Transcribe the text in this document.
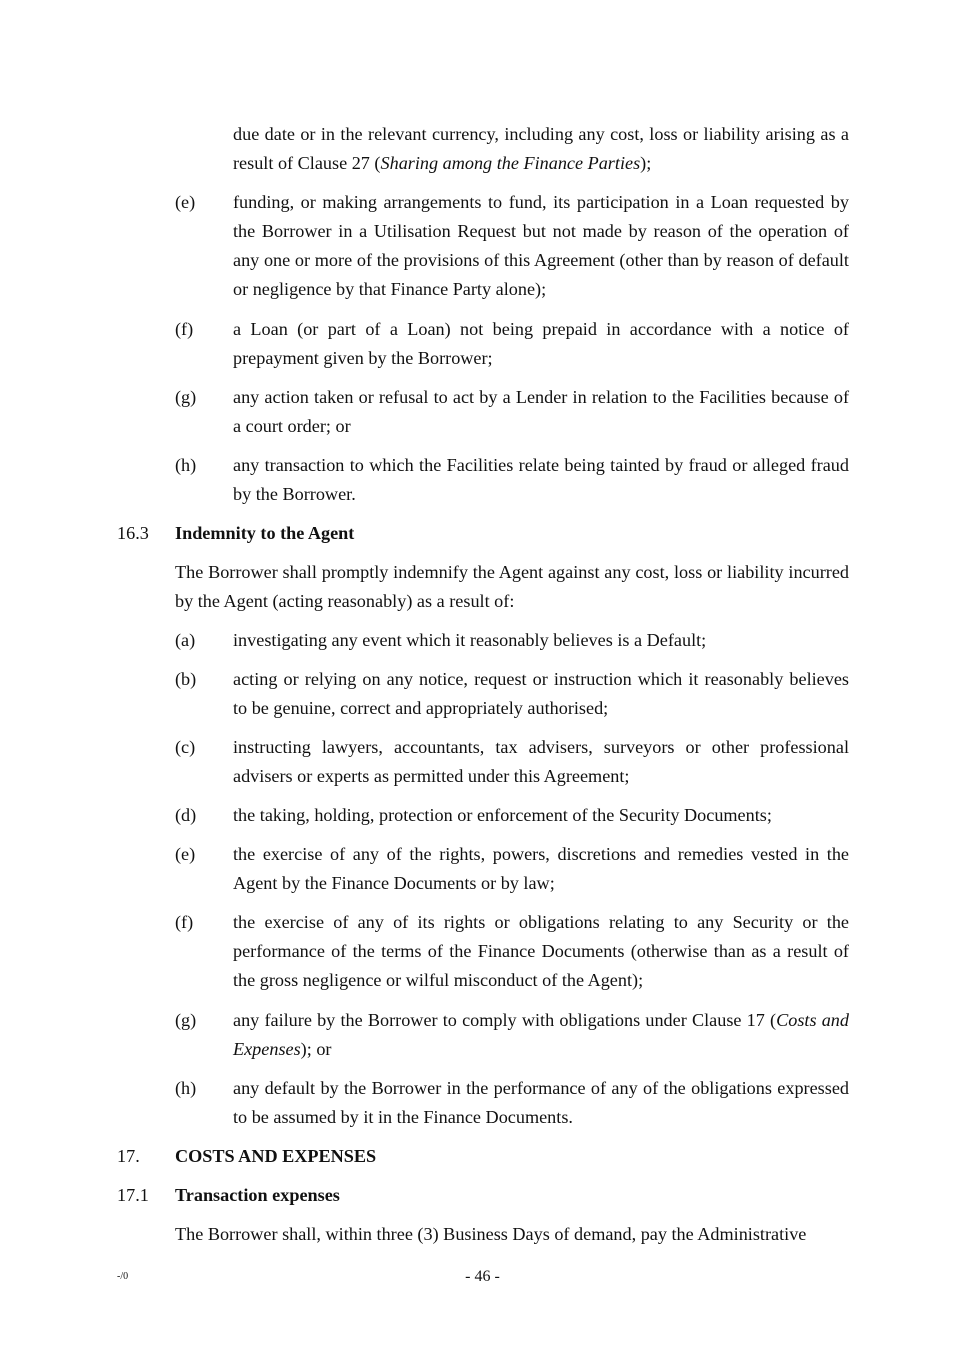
due date or in the relevant currency, including any cost, loss or liability arising as a result of Clause 27 (Sharing among the Finance Parties);

(e) funding, or making arrangements to fund, its participation in a Loan requested by the Borrower in a Utilisation Request but not made by reason of the operation of any one or more of the provisions of this Agreement (other than by reason of default or negligence by that Finance Party alone);

(f) a Loan (or part of a Loan) not being prepaid in accordance with a notice of prepayment given by the Borrower;

(g) any action taken or refusal to act by a Lender in relation to the Facilities because of a court order; or

(h) any transaction to which the Facilities relate being tainted by fraud or alleged fraud by the Borrower.

16.3 Indemnity to the Agent

The Borrower shall promptly indemnify the Agent against any cost, loss or liability incurred by the Agent (acting reasonably) as a result of:

(a) investigating any event which it reasonably believes is a Default;

(b) acting or relying on any notice, request or instruction which it reasonably believes to be genuine, correct and appropriately authorised;

(c) instructing lawyers, accountants, tax advisers, surveyors or other professional advisers or experts as permitted under this Agreement;

(d) the taking, holding, protection or enforcement of the Security Documents;

(e) the exercise of any of the rights, powers, discretions and remedies vested in the Agent by the Finance Documents or by law;

(f) the exercise of any of its rights or obligations relating to any Security or the performance of the terms of the Finance Documents (otherwise than as a result of the gross negligence or wilful misconduct of the Agent);

(g) any failure by the Borrower to comply with obligations under Clause 17 (Costs and Expenses); or

(h) any default by the Borrower in the performance of any of the obligations expressed to be assumed by it in the Finance Documents.

17. COSTS AND EXPENSES
17.1 Transaction expenses

The Borrower shall, within three (3) Business Days of demand, pay the Administrative

-/0	- 46 -
